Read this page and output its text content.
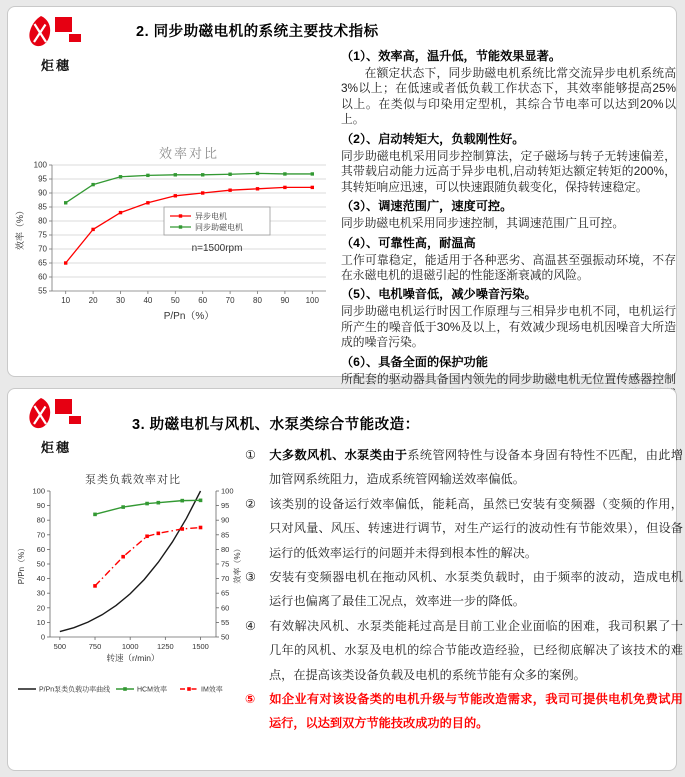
炬穗
2. 同步助磁电机的系统主要技术指标
效率对比
55
60
65
70
75
80
85
90
95
100
10 20 30 40 50 60 70 80 90 100
P/Pn（%）
效率（%）	异步电机
同步助磁电机
n=1500rpm
（1）、效率高，温升低，节能效果显著。
在额定状态下，同步助磁电机系统比常交流异步电机系统高3%以上；在低速或者低负载工作状态下，其效率能够提高25%以上。在类似与印染用定型机，其综合节电率可以达到20%以上。
（2）、启动转矩大，负载刚性好。
同步助磁电机采用同步控制算法，定子磁场与转子无转速偏差，其带载启动能力远高于异步电机,启动转矩达额定转矩的200%，其转矩响应迅速，可以快速跟随负载变化，保持转速稳定。
（3）、调速范围广，速度可控。
同步助磁电机采用同步速控制，其调速范围广且可控。
（4）、可靠性高，耐温高
工作可靠稳定，能适用于各种恶劣、高温甚至强振动环境，不存在永磁电机的退磁引起的性能逐渐衰减的风险。
（5）、电机噪音低，减少噪音污染。
同步助磁电机运行时因工作原理与三相异步电机不同，电机运行所产生的噪音低于30%及以上，有效减少现场电机因噪音大所造成的噪音污染。
（6）、具备全面的保护功能
所配套的驱动器具备国内领先的同步助磁电机无位置传感器控制
炬穗
3. 助磁电机与风机、水泵类综合节能改造：
泵类负载效率对比
0
10
20
30
40
50
60
70
80
90
100
50
55
60
65
70
75
80
85
90
95
100
500	750	1000 1250 1500
转速（r/min）
P/Pn（%）	效率（%）
P/Pn泵类负载功率曲线	HCM效率	IM效率
① 大多数风机、水泵类由于系统管网特性与设备本身固有特性不匹配，由此增加管网系统阻力，造成系统管网输送效率偏低。
② 该类别的设备运行效率偏低，能耗高，虽然已安装有变频器（变频的作用，只对风量、风压、转速进行调节，对生产运行的波动性有节能效果），但设备运行的低效率运行的问题并未得到根本性的解决。
③ 安装有变频器电机在拖动风机、水泵类负载时，由于频率的波动，造成电机运行也偏离了最佳工况点，效率进一步的降低。
④ 有效解决风机、水泵类能耗过高是目前工业企业面临的困难，我司积累了十几年的风机、水泵及电机的综合节能改造经验，已经彻底解决了该技术的难点，在提高该类设备负载及电机的系统节能有众多的案例。
⑤ 如企业有对该设备类的电机升级与节能改造需求，我司可提供电机免费试用运行，以达到双方节能技改成功的目的。
